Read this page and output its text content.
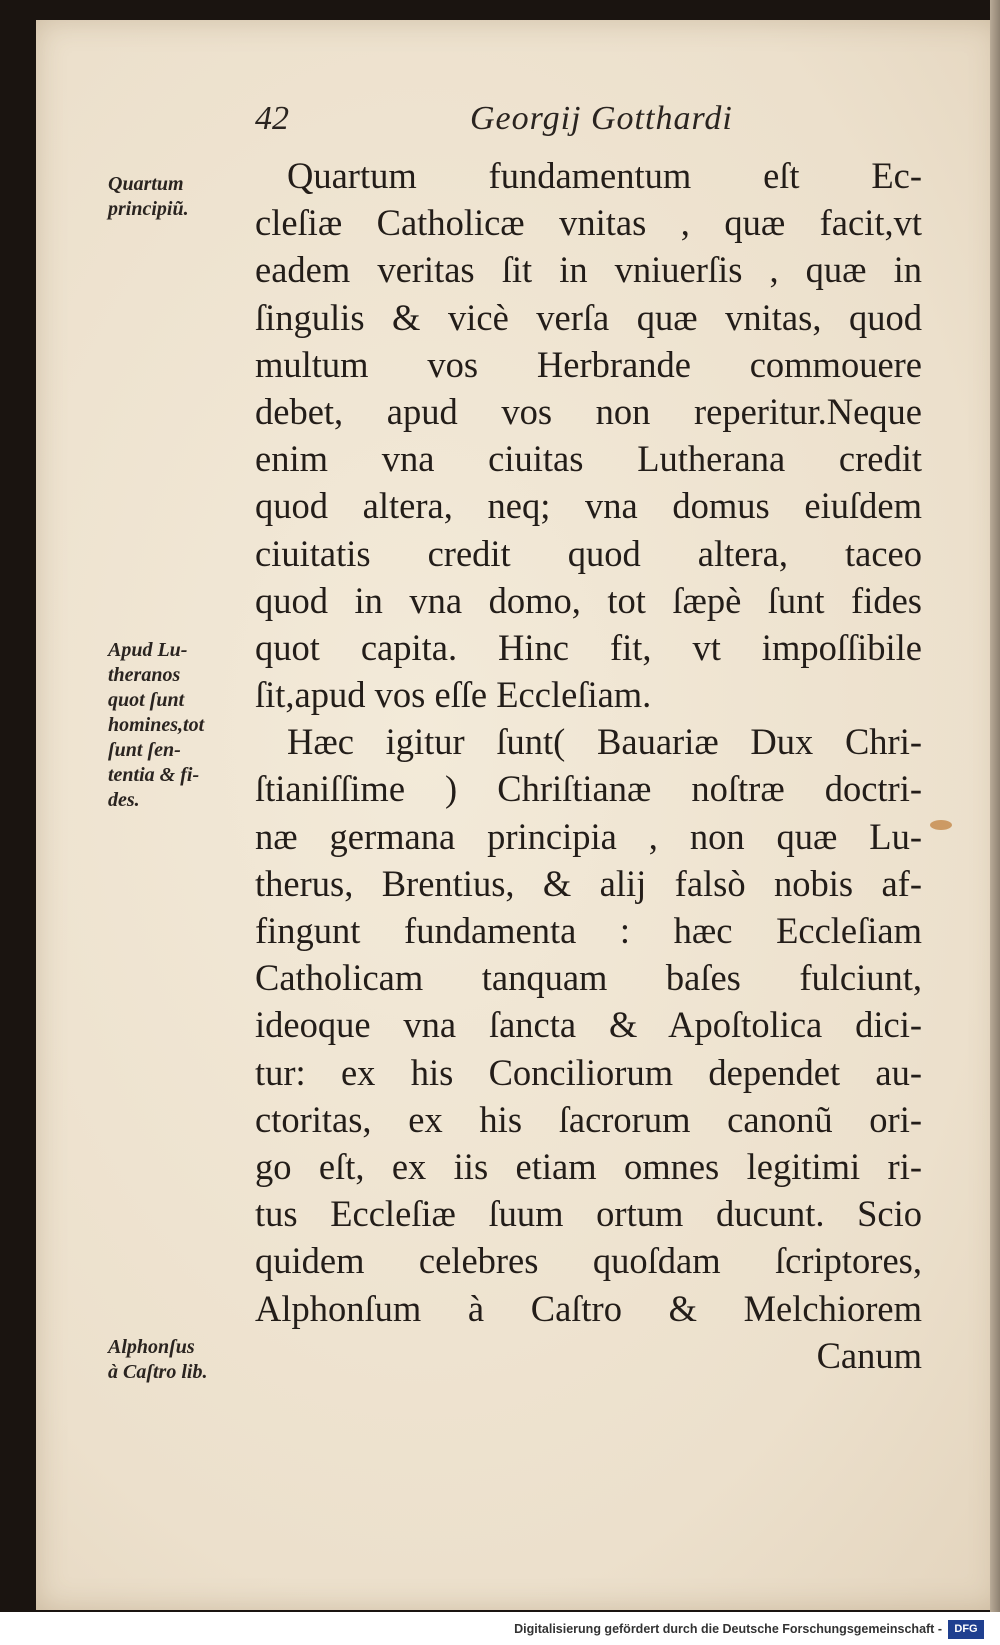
42	Georgij Gotthardi
Quartum fundamentum eſt Ec-
cleſiæ Catholicæ vnitas , quæ facit,vt
eadem veritas ſit in vniuerſis , quæ in
ſingulis & vicè verſa quæ vnitas, quod
multum vos Herbrande commouere
debet, apud vos non reperitur.Neque
enim vna ciuitas Lutherana credit
quod altera, neq; vna domus eiuſdem
ciuitatis credit quod altera, taceo
quod in vna domo, tot ſæpè ſunt fides
quot capita. Hinc fit, vt impoſſibile
ſit,apud vos eſſe Eccleſiam.
Hæc igitur ſunt( Bauariæ Dux Chri-
ſtianiſſime ) Chriſtianæ noſtræ doctri-
næ germana principia , non quæ Lu-
therus, Brentius, & alij falsò nobis af-
fingunt fundamenta : hæc Eccleſiam
Catholicam tanquam baſes fulciunt,
ideoque vna ſancta & Apoſtolica dici-
tur: ex his Conciliorum dependet au-
ctoritas, ex his ſacrorum canonũ ori-
go eſt, ex iis etiam omnes legitimi ri-
tus Eccleſiæ ſuum ortum ducunt. Scio
quidem celebres quoſdam ſcriptores,
Alphonſum à Caſtro & Melchiorem
Canum
Quartum
principiũ.
Apud Lu-
theranos
quot ſunt
homines,tot
ſunt ſen-
tentia & fi-
des.
Alphonſus
à Caſtro lib.
Digitalisierung gefördert durch die Deutsche Forschungsgemeinschaft -	DFG
